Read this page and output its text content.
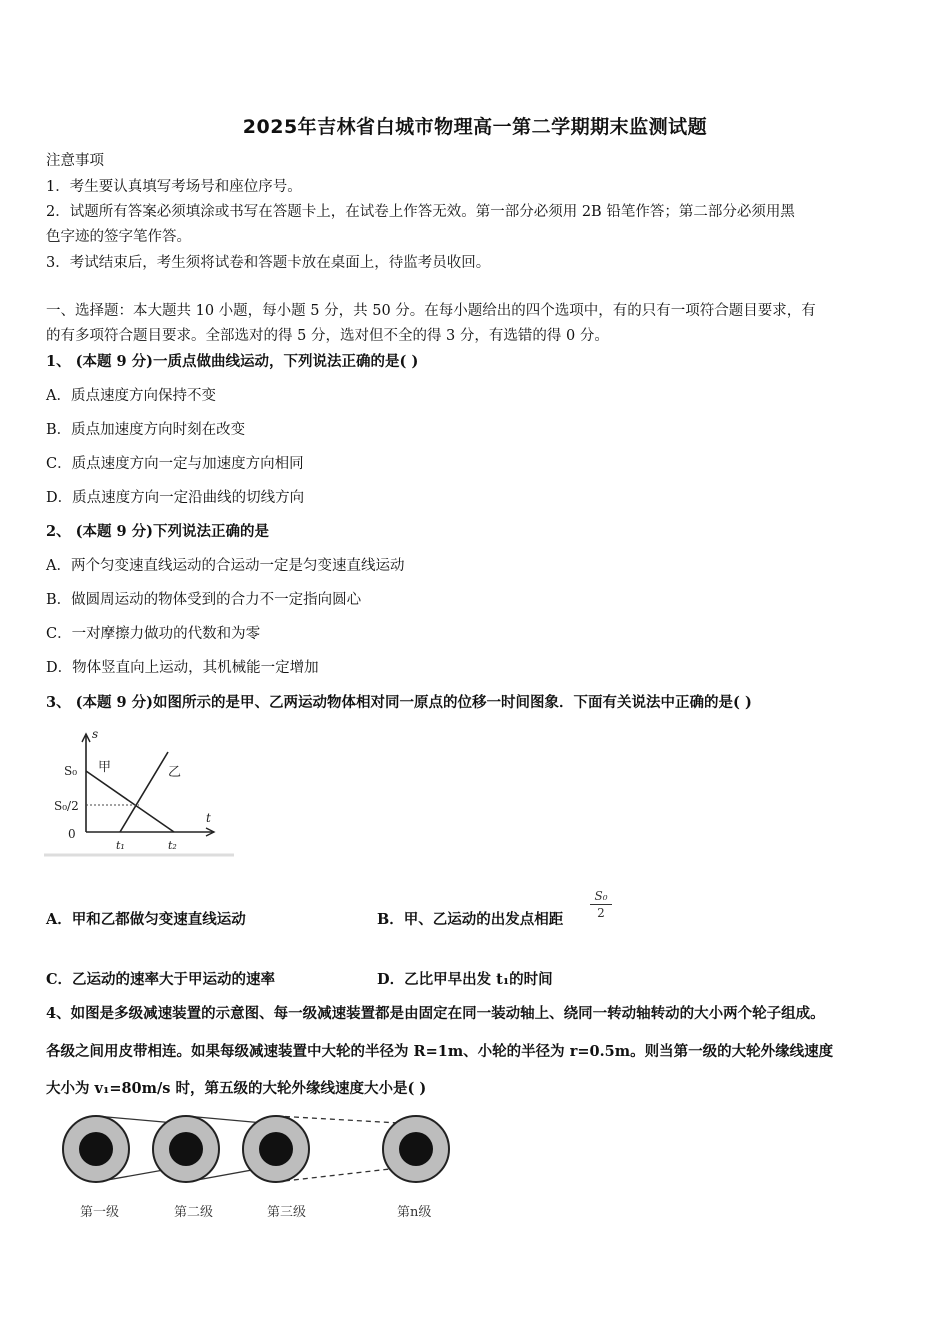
2025年吉林省白城市物理高一第二学期期末监测试题
注意事项
1．考生要认真填写考场号和座位序号。
2．试题所有答案必须填涂或书写在答题卡上，在试卷上作答无效。第一部分必须用 2B 铅笔作答；第二部分必须用黑
色字迹的签字笔作答。
3．考试结束后，考生须将试卷和答题卡放在桌面上，待监考员收回。
一、选择题：本大题共 10 小题，每小题 5 分，共 50 分。在每小题给出的四个选项中，有的只有一项符合题目要求，有
的有多项符合题目要求。全部选对的得 5 分，选对但不全的得 3 分，有选错的得 0 分。
1、 (本题 9 分)一质点做曲线运动，下列说法正确的是( )
A．质点速度方向保持不变
B．质点加速度方向时刻在改变
C．质点速度方向一定与加速度方向相同
D．质点速度方向一定沿曲线的切线方向
2、 (本题 9 分)下列说法正确的是
A．两个匀变速直线运动的合运动一定是匀变速直线运动
B．做圆周运动的物体受到的合力不一定指向圆心
C．一对摩擦力做功的代数和为零
D．物体竖直向上运动，其机械能一定增加
3、 (本题 9 分)如图所示的是甲、乙两运动物体相对同一原点的位移一时间图象．下面有关说法中正确的是( )
s
t
S₀
S₀/2
0
t₁	t₂
甲	乙
A．甲和乙都做匀变速直线运动	B．甲、乙运动的出发点相距 $\frac{\text{S₀}}{2}$
C．乙运动的速率大于甲运动的速率	D．乙比甲早出发 t₁的时间
4、如图是多级减速装置的示意图、每一级减速装置都是由固定在同一装动轴上、绕同一转动轴转动的大小两个轮子组成。
各级之间用皮带相连。如果每级减速装置中大轮的半径为 R=1m、小轮的半径为 r=0.5m。则当第一级的大轮外缘线速度
大小为 v₁=80m/s 时，第五级的大轮外缘线速度大小是( )
第一级	第二级	第三级	第n级
